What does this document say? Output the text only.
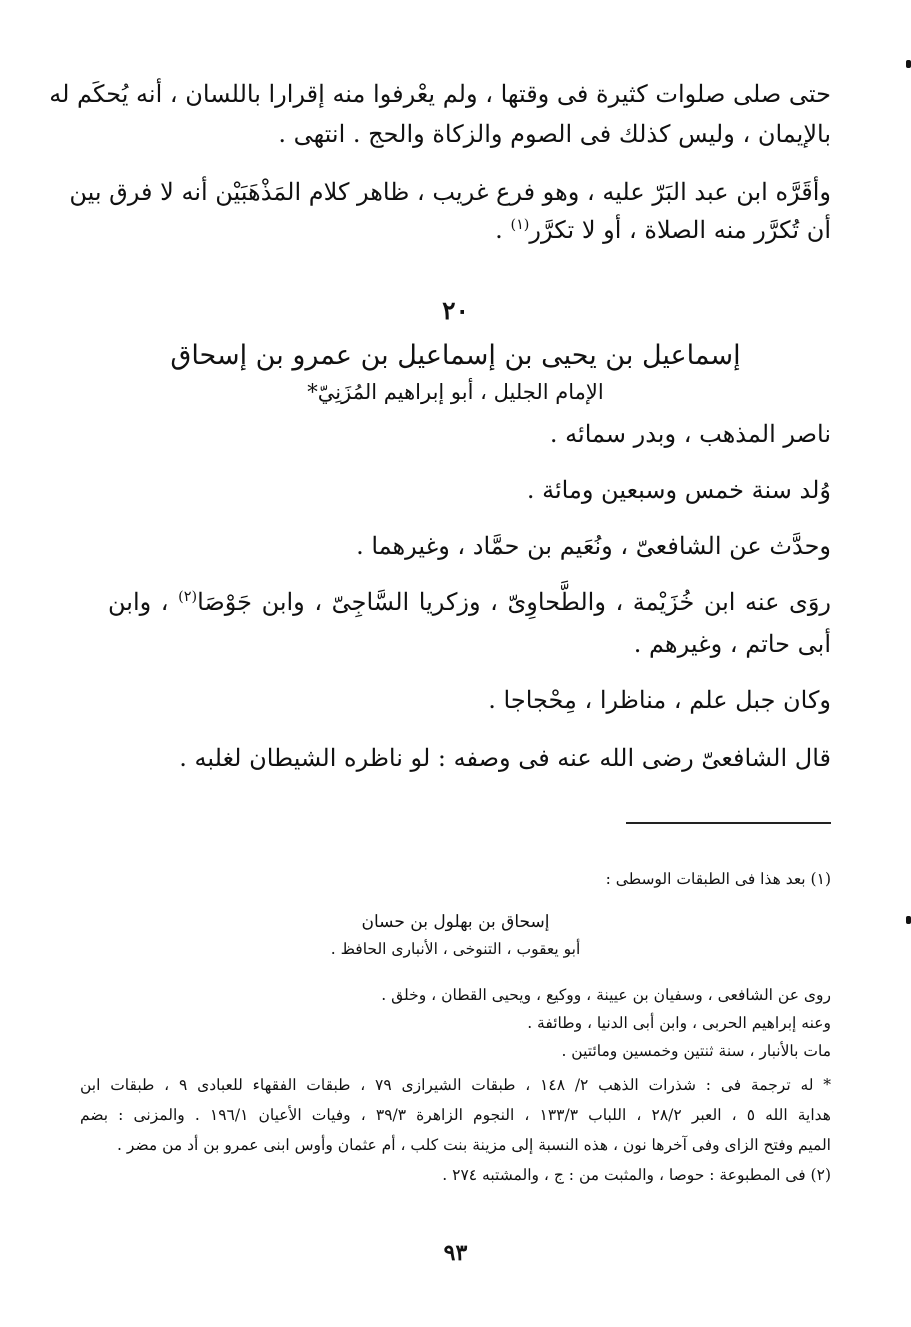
حتى صلى صلوات كثيرة فى وقتها ، ولم يعْرفوا منه إقرارا باللسان ، أنه يُحكَم له
بالإيمان ، وليس كذلك فى الصوم والزكاة والحج . انتهى .
وأقَرَّه ابن عبد البَرّ عليه ، وهو فرع غريب ، ظاهر كلام المَذْهَبَيْن أنه لا فرق بين
أن تُكرَّر منه الصلاة ، أو لا تكرَّر$^{(١)}$ .
٢٠
إسماعيل بن يحيى بن إسماعيل بن عمرو بن إسحاق
الإمام الجليل ، أبو إبراهيم المُزَنِيّ*
ناصر المذهب ، وبدر سمائه .
وُلد سنة خمس وسبعين ومائة .
وحدَّث عن الشافعىّ ، ونُعَيم بن حمَّاد ، وغيرهما .
روَى عنه ابن خُزَيْمة ، والطَّحاوِىّ ، وزكريا السَّاجِىّ ، وابن جَوْصَا$^{(٢)}$ ، وابن
أبى حاتم ، وغيرهم .
وكان جبل علم ، مناظرا ، مِحْجاجا .
قال الشافعىّ رضى الله عنه فى وصفه : لو ناظره الشيطان لغلبه .
(١) بعد هذا فى الطبقات الوسطى :
إسحاق بن بهلول بن حسان
أبو يعقوب ، التنوخى ، الأنبارى الحافظ .
روى عن الشافعى ، وسفيان بن عيينة ، ووكيع ، ويحيى القطان ، وخلق .
وعنه إبراهيم الحربى ، وابن أبى الدنيا ، وطائفة .
مات بالأنبار ، سنة ثنتين وخمسين ومائتين .
* له ترجمة فى : شذرات الذهب ٢/ ١٤٨ ، طبقات الشيرازى ٧٩ ، طبقات الفقهاء للعبادى ٩ ، طبقات ابن
هداية الله ٥ ، العبر ٢٨/٢ ، اللباب ١٣٣/٣ ، النجوم الزاهرة ٣٩/٣ ، وفيات الأعيان ١٩٦/١ . والمزنى : بضم
الميم وفتح الزاى وفى آخرها نون ، هذه النسبة إلى مزينة بنت كلب ، أم عثمان وأوس ابنى عمرو بن أد من مضر .
(٢) فى المطبوعة : حوصا ، والمثبت من : ج ، والمشتبه ٢٧٤ .
٩٣
